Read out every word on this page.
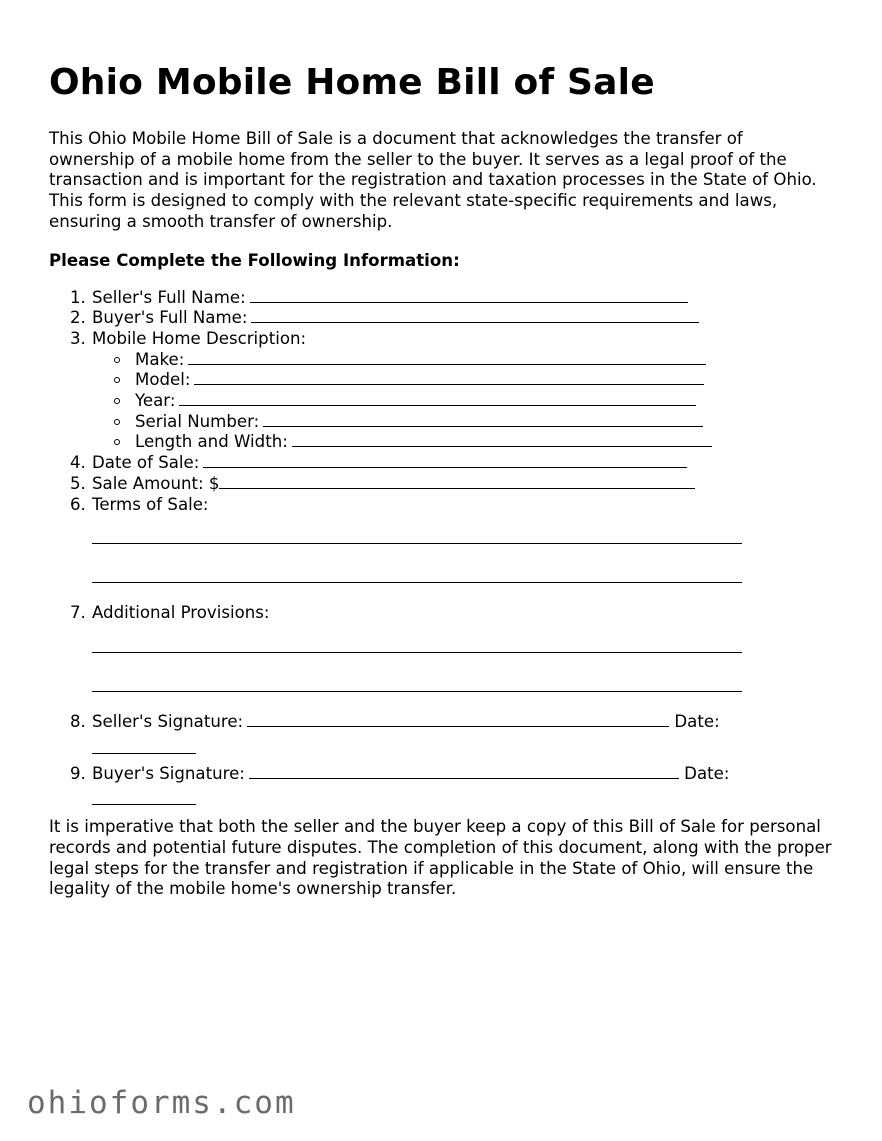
Ohio Mobile Home Bill of Sale

This Ohio Mobile Home Bill of Sale is a document that acknowledges the transfer of ownership of a mobile home from the seller to the buyer. It serves as a legal proof of the transaction and is important for the registration and taxation processes in the State of Ohio. This form is designed to comply with the relevant state-specific requirements and laws, ensuring a smooth transfer of ownership.

Please Complete the Following Information:

1. Seller's Full Name:
2. Buyer's Full Name:
3. Mobile Home Description:
Make:
Model:
Year:
Serial Number:
Length and Width:
4. Date of Sale:
5. Sale Amount: $
6. Terms of Sale:
7. Additional Provisions:
8. Seller's Signature:	Date:
9. Buyer's Signature:	Date:

It is imperative that both the seller and the buyer keep a copy of this Bill of Sale for personal records and potential future disputes. The completion of this document, along with the proper legal steps for the transfer and registration if applicable in the State of Ohio, will ensure the legality of the mobile home's ownership transfer.

ohioforms.com
